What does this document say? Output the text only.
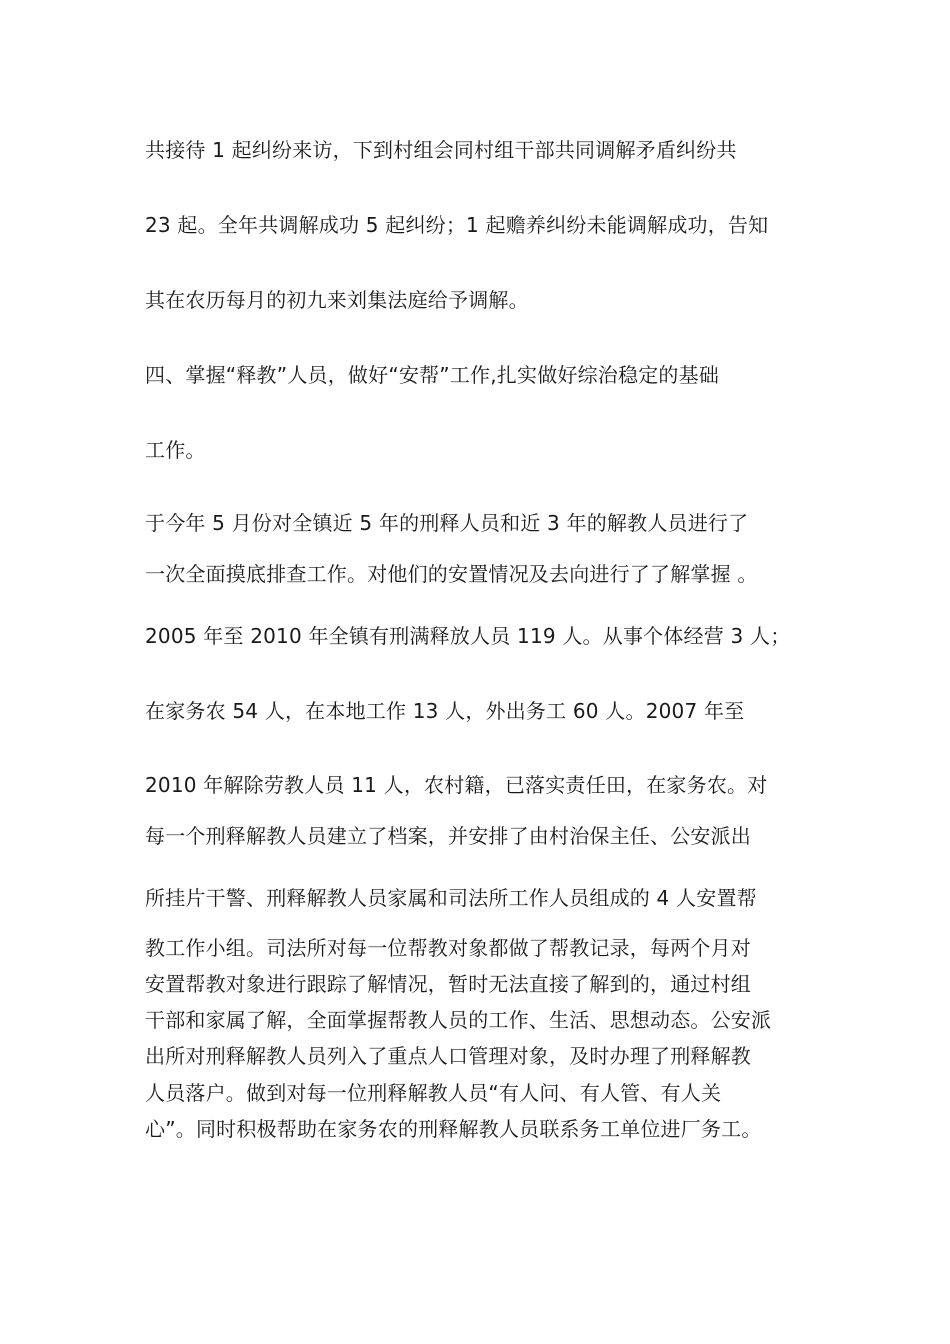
共接待 1 起纠纷来访，下到村组会同村组干部共同调解矛盾纠纷共
23 起。全年共调解成功 5 起纠纷；1 起赡养纠纷未能调解成功，告知
其在农历每月的初九来刘集法庭给予调解。
四、掌握“释教”人员，做好“安帮”工作,扎实做好综治稳定的基础
工作。
于今年 5 月份对全镇近 5 年的刑释人员和近 3 年的解教人员进行了
一次全面摸底排查工作。对他们的安置情况及去向进行了了解掌握 。
2005 年至 2010 年全镇有刑满释放人员 119 人。从事个体经营 3 人；
在家务农 54 人，在本地工作 13 人，外出务工 60 人。2007 年至
2010 年解除劳教人员 11 人，农村籍，已落实责任田，在家务农。对
每一个刑释解教人员建立了档案，并安排了由村治保主任、公安派出
所挂片干警、刑释解教人员家属和司法所工作人员组成的 4 人安置帮
教工作小组。司法所对每一位帮教对象都做了帮教记录，每两个月对
安置帮教对象进行跟踪了解情况，暂时无法直接了解到的，通过村组
干部和家属了解，全面掌握帮教人员的工作、生活、思想动态。公安派
出所对刑释解教人员列入了重点人口管理对象，及时办理了刑释解教
人员落户。做到对每一位刑释解教人员“有人问、有人管、有人关
心”。同时积极帮助在家务农的刑释解教人员联系务工单位进厂务工。
